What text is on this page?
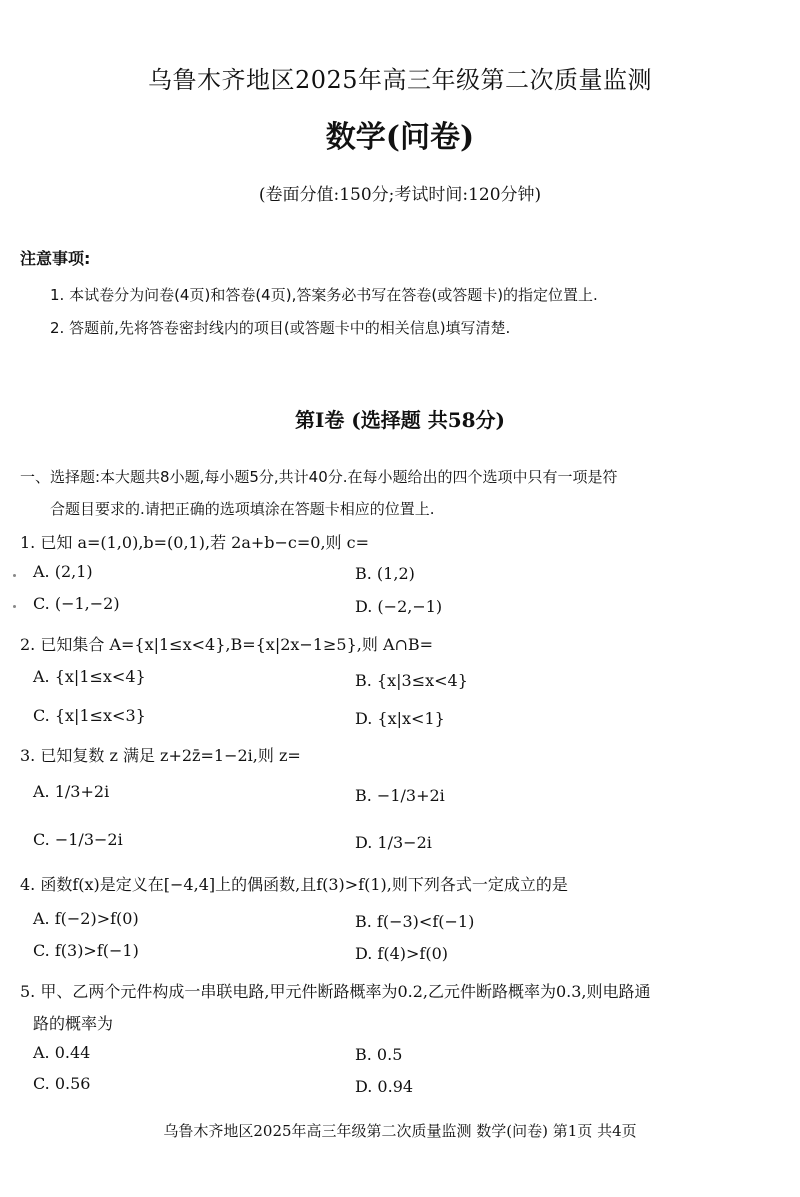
乌鲁木齐地区2025年高三年级第二次质量监测
数学(问卷)
(卷面分值:150分;考试时间:120分钟)
注意事项:
1. 本试卷分为问卷(4页)和答卷(4页),答案务必书写在答卷(或答题卡)的指定位置上.
2. 答题前,先将答卷密封线内的项目(或答题卡中的相关信息)填写清楚.
第Ⅰ卷 (选择题 共58分)
一、选择题:本大题共8小题,每小题5分,共计40分.在每小题给出的四个选项中只有一项是符
合题目要求的.请把正确的选项填涂在答题卡相应的位置上.
1. 已知 a=(1,0),b=(0,1),若 2a+b−c=0,则 c=
A. (2,1)	B. (1,2)
C. (−1,−2)	D. (−2,−1)
2. 已知集合 A={x|1≤x<4},B={x|2x−1≥5},则 A∩B=
A. {x|1≤x<4}	B. {x|3≤x<4}
C. {x|1≤x<3}	D. {x|x<1}
3. 已知复数 z 满足 z+2z̄=1−2i,则 z=
A. 1/3+2i	B. −1/3+2i
C. −1/3−2i	D. 1/3−2i
4. 函数f(x)是定义在[−4,4]上的偶函数,且f(3)>f(1),则下列各式一定成立的是
A. f(−2)>f(0)	B. f(−3)<f(−1)
C. f(3)>f(−1)	D. f(4)>f(0)
5. 甲、乙两个元件构成一串联电路,甲元件断路概率为0.2,乙元件断路概率为0.3,则电路通
路的概率为
A. 0.44	B. 0.5
C. 0.56	D. 0.94
乌鲁木齐地区2025年高三年级第二次质量监测 数学(问卷) 第1页 共4页
